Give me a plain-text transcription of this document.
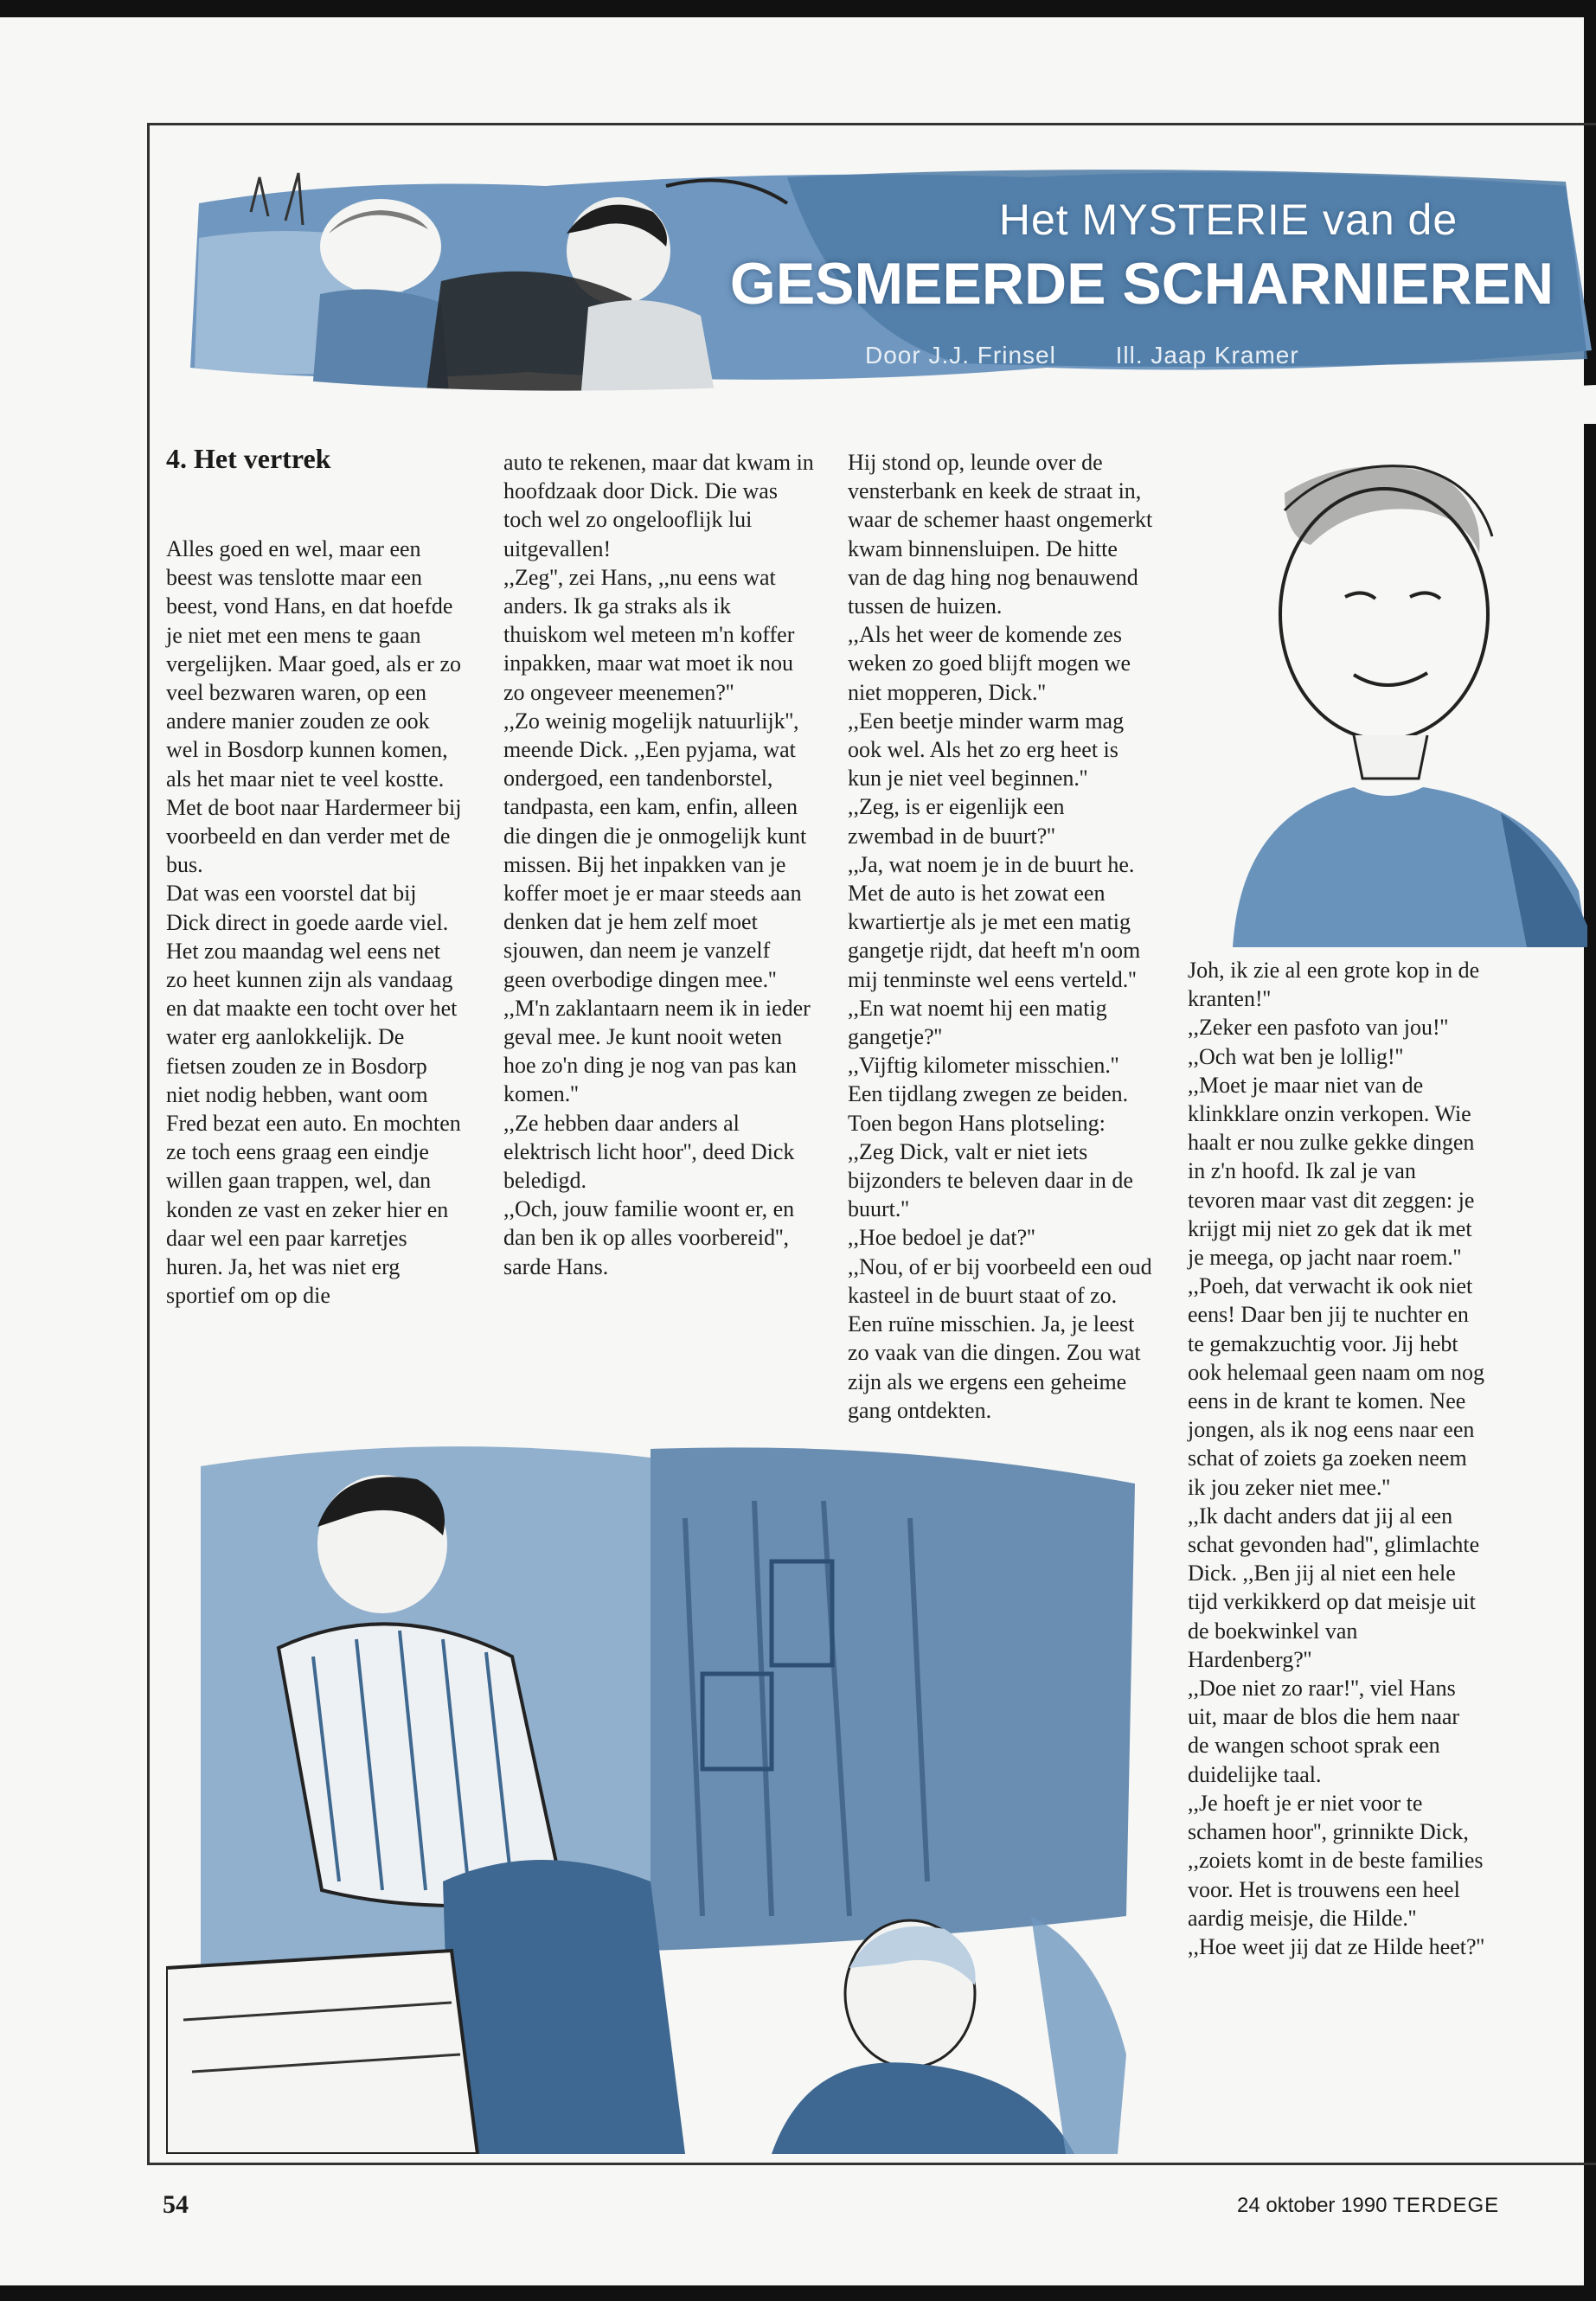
Het MYSTERIE van de
GESMEERDE SCHARNIEREN
Door J.J. Frinsel Ill. Jaap Kramer
4. Het vertrek

Alles goed en wel, maar een beest was tenslotte maar een beest, vond Hans, en dat hoefde je niet met een mens te gaan vergelijken. Maar goed, als er zo veel bezwaren waren, op een andere manier zouden ze ook wel in Bosdorp kunnen komen, als het maar niet te veel kostte. Met de boot naar Hardermeer bij voorbeeld en dan verder met de bus.

Dat was een voorstel dat bij Dick direct in goede aarde viel. Het zou maandag wel eens net zo heet kunnen zijn als vandaag en dat maakte een tocht over het water erg aanlokkelijk. De fietsen zouden ze in Bosdorp niet nodig hebben, want oom Fred bezat een auto. En mochten ze toch eens graag een eindje willen gaan trappen, wel, dan konden ze vast en zeker hier en daar wel een paar karretjes huren. Ja, het was niet erg sportief om op die

auto te rekenen, maar dat kwam in hoofdzaak door Dick. Die was toch wel zo ongelooflijk lui uitgevallen!

,,Zeg'', zei Hans, ,,nu eens wat anders. Ik ga straks als ik thuiskom wel meteen m'n koffer inpakken, maar wat moet ik nou zo ongeveer meenemen?''

,,Zo weinig mogelijk natuurlijk'', meende Dick. ,,Een pyjama, wat ondergoed, een tandenborstel, tandpasta, een kam, enfin, alleen die dingen die je onmogelijk kunt missen. Bij het inpakken van je koffer moet je er maar steeds aan denken dat je hem zelf moet sjouwen, dan neem je vanzelf geen overbodige dingen mee.''

,,M'n zaklantaarn neem ik in ieder geval mee. Je kunt nooit weten hoe zo'n ding je nog van pas kan komen.''

,,Ze hebben daar anders al elektrisch licht hoor'', deed Dick beledigd.

,,Och, jouw familie woont er, en dan ben ik op alles voorbereid'', sarde Hans.

Hij stond op, leunde over de vensterbank en keek de straat in, waar de schemer haast ongemerkt kwam binnensluipen. De hitte van de dag hing nog benauwend tussen de huizen.

,,Als het weer de komende zes weken zo goed blijft mogen we niet mopperen, Dick.''

,,Een beetje minder warm mag ook wel. Als het zo erg heet is kun je niet veel beginnen.''

,,Zeg, is er eigenlijk een zwembad in de buurt?''

,,Ja, wat noem je in de buurt he. Met de auto is het zowat een kwartiertje als je met een matig gangetje rijdt, dat heeft m'n oom mij tenminste wel eens verteld.''

,,En wat noemt hij een matig gangetje?''

,,Vijftig kilometer misschien.''

Een tijdlang zwegen ze beiden. Toen begon Hans plotseling: ,,Zeg Dick, valt er niet iets bijzonders te beleven daar in de buurt.''

,,Hoe bedoel je dat?''

,,Nou, of er bij voorbeeld een oud kasteel in de buurt staat of zo. Een ruïne misschien. Ja, je leest zo vaak van die dingen. Zou wat zijn als we ergens een geheime gang ontdekten.

Joh, ik zie al een grote kop in de kranten!''

,,Zeker een pasfoto van jou!''

,,Och wat ben je lollig!''

,,Moet je maar niet van de klinkklare onzin verkopen. Wie haalt er nou zulke gekke dingen in z'n hoofd. Ik zal je van tevoren maar vast dit zeggen: je krijgt mij niet zo gek dat ik met je meega, op jacht naar roem.''

,,Poeh, dat verwacht ik ook niet eens! Daar ben jij te nuchter en te gemakzuchtig voor. Jij hebt ook helemaal geen naam om nog eens in de krant te komen. Nee jongen, als ik nog eens naar een schat of zoiets ga zoeken neem ik jou zeker niet mee.''

,,Ik dacht anders dat jij al een schat gevonden had'', glimlachte Dick. ,,Ben jij al niet een hele tijd verkikkerd op dat meisje uit de boekwinkel van Hardenberg?''

,,Doe niet zo raar!'', viel Hans uit, maar de blos die hem naar de wangen schoot sprak een duidelijke taal.

,,Je hoeft je er niet voor te schamen hoor'', grinnikte Dick, ,,zoiets komt in de beste families voor. Het is trouwens een heel aardig meisje, die Hilde.''

,,Hoe weet jij dat ze Hilde heet?''

54	24 oktober 1990 TERDEGE
